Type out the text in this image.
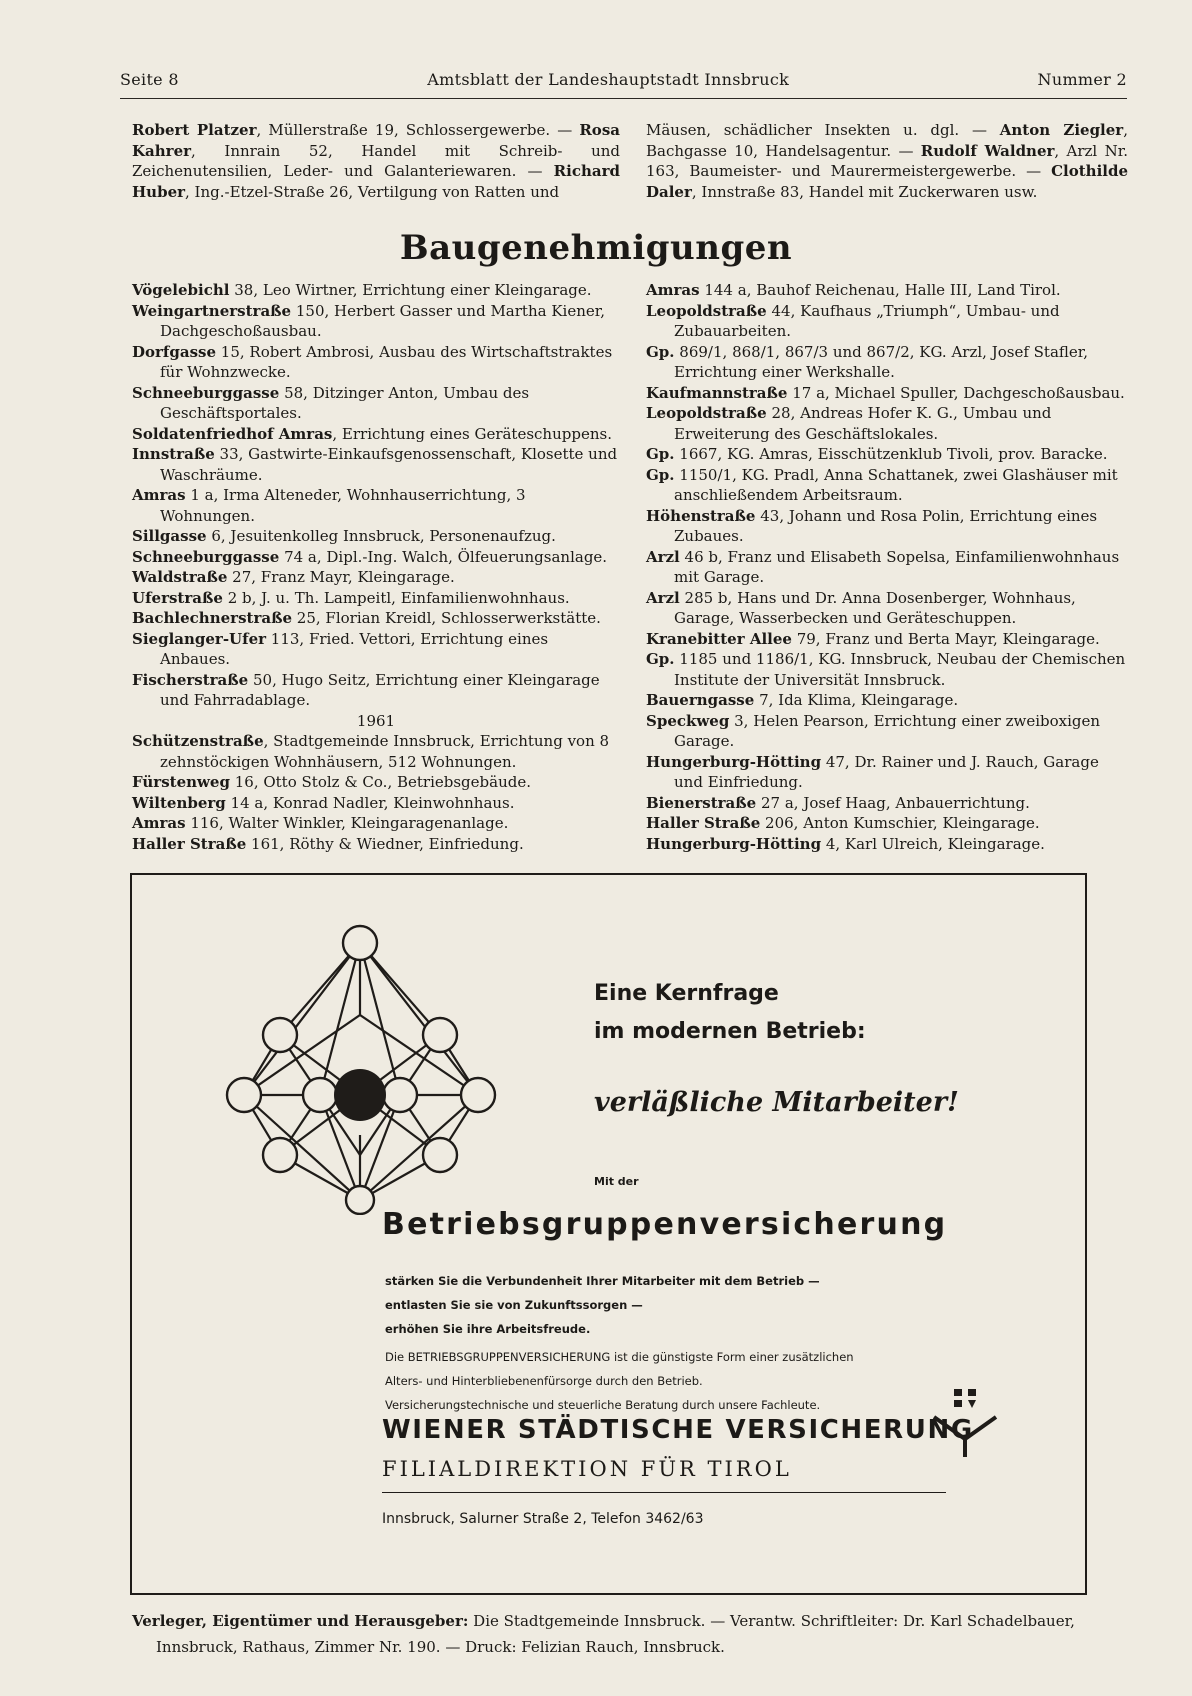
Seite 8	Amtsblatt der Landeshauptstadt Innsbruck	Nummer 2

Robert Platzer, Müllerstraße 19, Schlossergewerbe. — Rosa Kahrer, Innrain 52, Handel mit Schreib- und Zeichenutensilien, Leder- und Galanteriewaren. — Richard Huber, Ing.-Etzel-Straße 26, Vertilgung von Ratten und

Mäusen, schädlicher Insekten u. dgl. — Anton Ziegler, Bachgasse 10, Handelsagentur. — Rudolf Waldner, Arzl Nr. 163, Baumeister- und Maurermeistergewerbe. — Clothilde Daler, Innstraße 83, Handel mit Zuckerwaren usw.

Baugenehmigungen

Vögelebichl 38, Leo Wirtner, Errichtung einer Kleingarage.

Weingartnerstraße 150, Herbert Gasser und Martha Kiener, Dachgeschoßausbau.

Dorfgasse 15, Robert Ambrosi, Ausbau des Wirtschaftstraktes für Wohnzwecke.

Schneeburggasse 58, Ditzinger Anton, Umbau des Geschäftsportales.

Soldatenfriedhof Amras, Errichtung eines Geräteschuppens.

Innstraße 33, Gastwirte-Einkaufsgenossenschaft, Klosette und Waschräume.

Amras 1 a, Irma Alteneder, Wohnhauserrichtung, 3 Wohnungen.

Sillgasse 6, Jesuitenkolleg Innsbruck, Personenaufzug.

Schneeburggasse 74 a, Dipl.-Ing. Walch, Ölfeuerungsanlage.

Waldstraße 27, Franz Mayr, Kleingarage.

Uferstraße 2 b, J. u. Th. Lampeitl, Einfamilienwohnhaus.

Bachlechnerstraße 25, Florian Kreidl, Schlosserwerkstätte.

Sieglanger-Ufer 113, Fried. Vettori, Errichtung eines Anbaues.

Fischerstraße 50, Hugo Seitz, Errichtung einer Kleingarage und Fahrradablage.

1961

Schützenstraße, Stadtgemeinde Innsbruck, Errichtung von 8 zehnstöckigen Wohnhäusern, 512 Wohnungen.

Fürstenweg 16, Otto Stolz & Co., Betriebsgebäude.

Wiltenberg 14 a, Konrad Nadler, Kleinwohnhaus.

Amras 116, Walter Winkler, Kleingaragenanlage.

Haller Straße 161, Röthy & Wiedner, Einfriedung.

Amras 144 a, Bauhof Reichenau, Halle III, Land Tirol.

Leopoldstraße 44, Kaufhaus „Triumph“, Umbau- und Zubauarbeiten.

Gp. 869/1, 868/1, 867/3 und 867/2, KG. Arzl, Josef Stafler, Errichtung einer Werkshalle.

Kaufmannstraße 17 a, Michael Spuller, Dachgeschoßausbau.

Leopoldstraße 28, Andreas Hofer K. G., Umbau und Erweiterung des Geschäftslokales.

Gp. 1667, KG. Amras, Eisschützenklub Tivoli, prov. Baracke.

Gp. 1150/1, KG. Pradl, Anna Schattanek, zwei Glashäuser mit anschließendem Arbeitsraum.

Höhenstraße 43, Johann und Rosa Polin, Errichtung eines Zubaues.

Arzl 46 b, Franz und Elisabeth Sopelsa, Einfamilienwohnhaus mit Garage.

Arzl 285 b, Hans und Dr. Anna Dosenberger, Wohnhaus, Garage, Wasserbecken und Geräteschuppen.

Kranebitter Allee 79, Franz und Berta Mayr, Kleingarage.

Gp. 1185 und 1186/1, KG. Innsbruck, Neubau der Chemischen Institute der Universität Innsbruck.

Bauerngasse 7, Ida Klima, Kleingarage.

Speckweg 3, Helen Pearson, Errichtung einer zweiboxigen Garage.

Hungerburg-Hötting 47, Dr. Rainer und J. Rauch, Garage und Einfriedung.

Bienerstraße 27 a, Josef Haag, Anbauerrichtung.

Haller Straße 206, Anton Kumschier, Kleingarage.

Hungerburg-Hötting 4, Karl Ulreich, Kleingarage.

Eine Kernfrage
im modernen Betrieb:
verläßliche Mitarbeiter!
Mit der
Betriebsgruppenversicherung
stärken Sie die Verbundenheit Ihrer Mitarbeiter mit dem Betrieb —
entlasten Sie sie von Zukunftssorgen —
erhöhen Sie ihre Arbeitsfreude.
Die BETRIEBSGRUPPENVERSICHERUNG ist die günstigste Form einer zusätzlichen
Alters- und Hinterbliebenenfürsorge durch den Betrieb.
Versicherungstechnische und steuerliche Beratung durch unsere Fachleute.
WIENER STÄDTISCHE VERSICHERUNG
FILIALDIREKTION FÜR TIROL
Innsbruck, Salurner Straße 2, Telefon 3462/63

Verleger, Eigentümer und Herausgeber: Die Stadtgemeinde Innsbruck. — Verantw. Schriftleiter: Dr. Karl Schadelbauer,

Innsbruck, Rathaus, Zimmer Nr. 190. — Druck: Felizian Rauch, Innsbruck.
